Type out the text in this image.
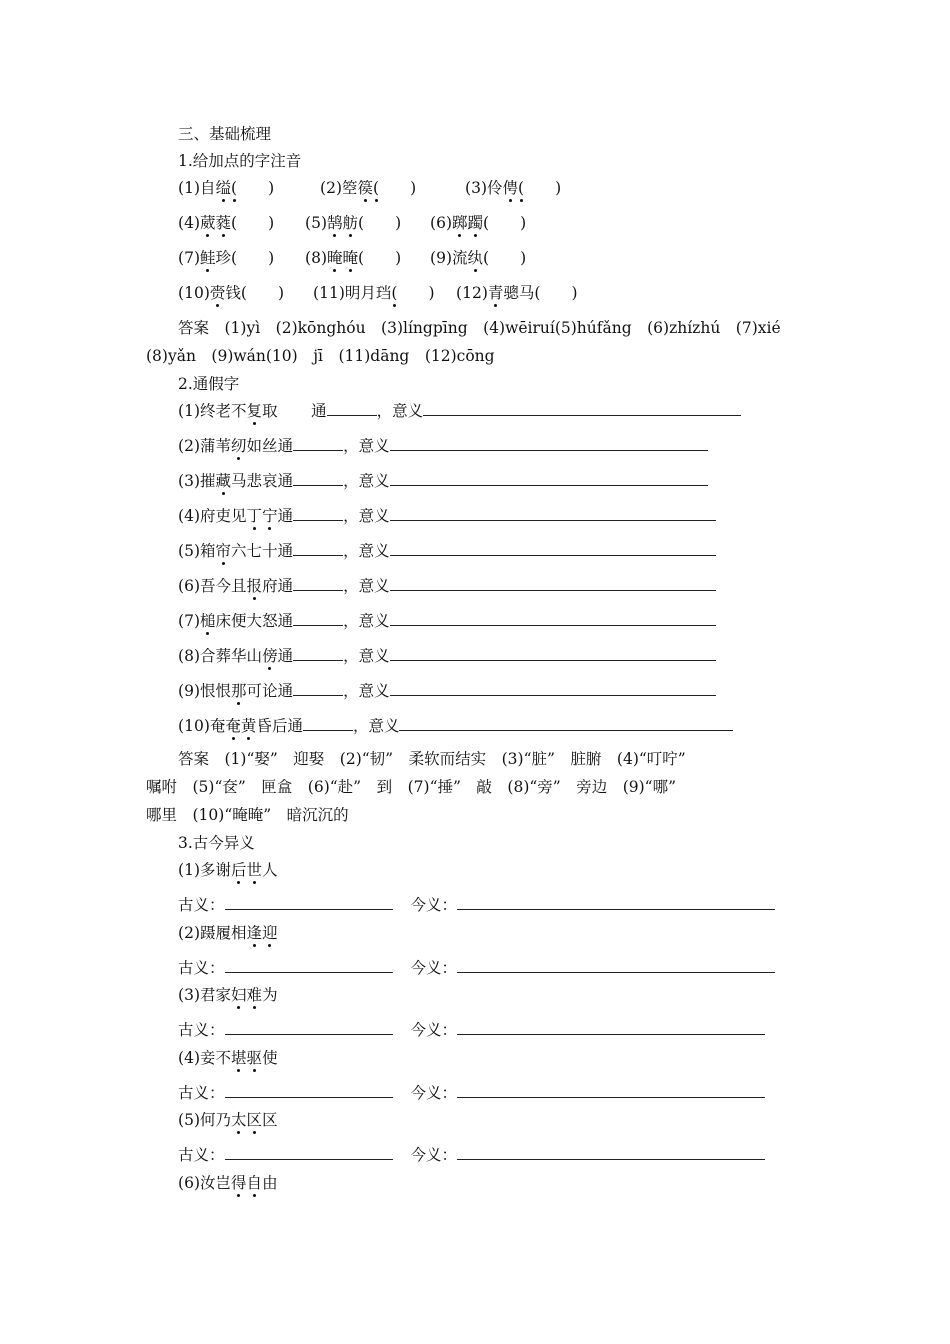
三、基础梳理
1.给加点的字注音
(1)自缢(　　 )	(2)箜篌(　　 )	(3)伶俜(　　 )
(4)葳蕤(　　 ) (5)鹄舫(　　 ) (6)踯躅(　　 )
(7)鲑珍(　　 ) (8)晻晻(　　 ) (9)流纨(　　 )
(10)赍钱(　　 ) (11)明月珰(　　 ) (12)青骢马(　　 )
答案　(1)yì　(2)kōnghóu　(3)língpīng　(4)wēiruí(5)húfǎng　(6)zhízhú　(7)xié
(8)yǎn　(9)wán(10)　jī　(11)dāng　(12)cōng
2.通假字
(1)终老不复取　 通	，意义
(2)蒲苇纫如丝通	，意义
(3)摧藏马悲哀通	，意义
(4)府吏见丁宁通	，意义
(5)箱帘六七十通	，意义
(6)吾今且报府通	，意义
(7)槌床便大怒通	，意义
(8)合葬华山傍通	，意义
(9)恨恨那可论通	，意义
(10)奄奄黄昏后通	，意义
答案　(1)“娶”　迎娶　(2)“韧”　柔软而结实　(3)“脏”　脏腑　(4)“叮咛”
嘱咐　(5)“奁”　匣盒　(6)“赴”　到　(7)“捶”　敲　(8)“旁”　旁边　(9)“哪”
哪里　(10)“晻晻”　暗沉沉的
3.古今异义
(1)多谢后世人
古义：	今义：
(2)蹑履相逢迎
古义：	今义：
(3)君家妇难为
古义：	今义：
(4)妾不堪驱使
古义：	今义：
(5)何乃太区区
古义：	今义：
(6)汝岂得自由
